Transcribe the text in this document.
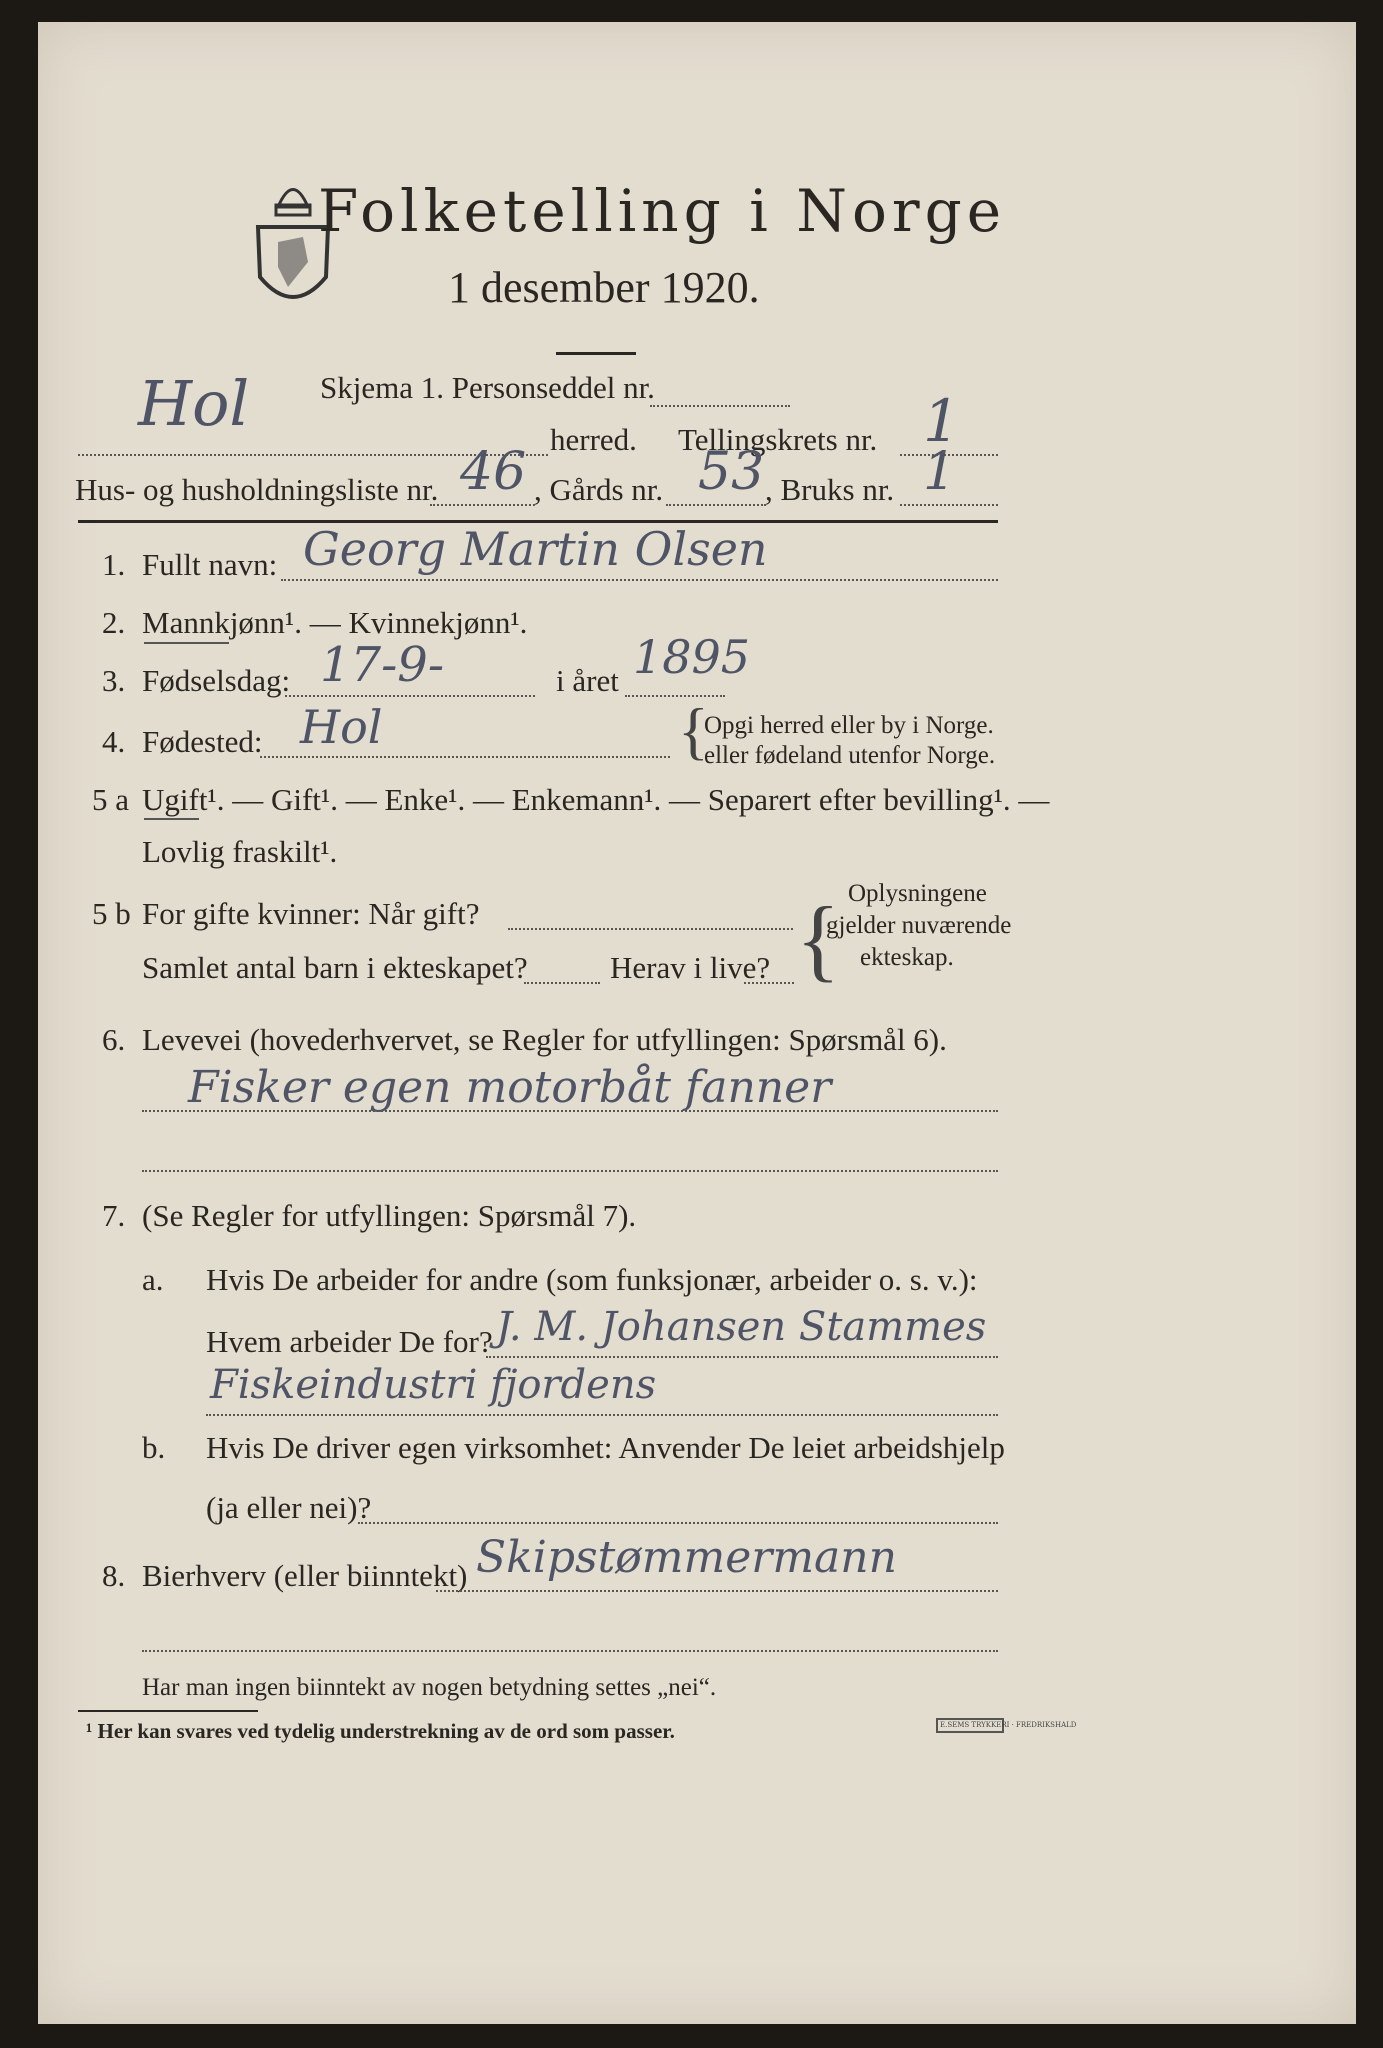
Folketelling i Norge
1 desember 1920.
Skjema 1. Personseddel nr.
Hol	herred. Tellingskrets nr. 1
Hus- og husholdningsliste nr. 46 , Gårds nr. 53 , Bruks nr. 1
1. Fullt navn: Georg Martin Olsen
2. Mannkjønn¹. — Kvinnekjønn¹.
3. Fødselsdag: 17-9-	i året 1895
4. Fødested: Hol	{
Opgi herred eller by i Norge.
eller fødeland utenfor Norge.
5 a Ugift¹. — Gift¹. — Enke¹. — Enkemann¹. — Separert efter bevilling¹. —
Lovlig fraskilt¹.
5 b For gifte kvinner: Når gift?
Samlet antal barn i ekteskapet?	Herav i live? { Oplysningene
gjelder nuværende
ekteskap.
6. Levevei (hovederhvervet, se Regler for utfyllingen: Spørsmål 6).
Fisker egen motorbåt fanner
7. (Se Regler for utfyllingen: Spørsmål 7).
a. Hvis De arbeider for andre (som funksjonær, arbeider o. s. v.):
Hvem arbeider De for? J. M. Johansen Stammes
Fiskeindustri fjordens
b. Hvis De driver egen virksomhet: Anvender De leiet arbeidshjelp
(ja eller nei)?
8. Bierhverv (eller biinntekt) Skipstømmermann
Har man ingen biinntekt av nogen betydning settes „nei“.
¹ Her kan svares ved tydelig understrekning av de ord som passer.	E.SEMS TRYKKERI · FREDRIKSHALD
